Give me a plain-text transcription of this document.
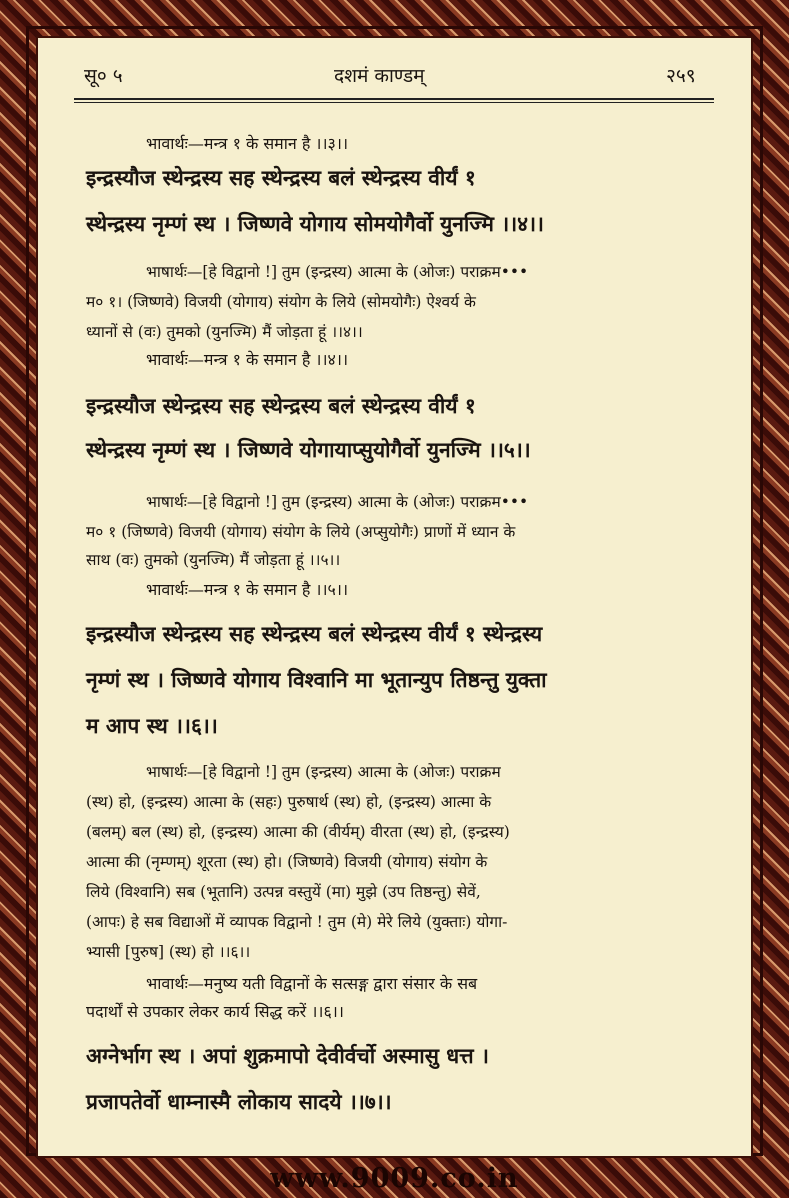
सू० ५	दशमं काण्डम्	२५९
भावार्थः—मन्त्र १ के समान है ।।३।।
इन्द्रस्यौज स्थेन्द्रस्य सह स्थेन्द्रस्य बलं स्थेन्द्रस्य वीर्यं १
स्थेन्द्रस्य नृम्णं स्थ । जिष्णवे योगाय सोमयोगैर्वो युनज्मि ।।४।।
भाषार्थः—[हे विद्वानो !] तुम (इन्द्रस्य) आत्मा के (ओजः) पराक्रम•••
म० १। (जिष्णवे) विजयी (योगाय) संयोग के लिये (सोमयोगैः) ऐश्वर्य के
ध्यानों से (वः) तुमको (युनज्मि) मैं जोड़ता हूं ।।४।।
भावार्थः—मन्त्र १ के समान है ।।४।।
इन्द्रस्यौज स्थेन्द्रस्य सह स्थेन्द्रस्य बलं स्थेन्द्रस्य वीर्यं १
स्थेन्द्रस्य नृम्णं स्थ । जिष्णवे योगायाप्सुयोगैर्वो युनज्मि ।।५।।
भाषार्थः—[हे विद्वानो !] तुम (इन्द्रस्य) आत्मा के (ओजः) पराक्रम•••
म० १ (जिष्णवे) विजयी (योगाय) संयोग के लिये (अप्सुयोगैः) प्राणों में ध्यान के
साथ (वः) तुमको (युनज्मि) मैं जोड़ता हूं ।।५।।
भावार्थः—मन्त्र १ के समान है ।।५।।
इन्द्रस्यौज स्थेन्द्रस्य सह स्थेन्द्रस्य बलं स्थेन्द्रस्य वीर्यं १ स्थेन्द्रस्य
नृम्णं स्थ । जिष्णवे योगाय विश्वानि मा भूतान्युप तिष्ठन्तु युक्ता
म आप स्थ ।।६।।
भाषार्थः—[हे विद्वानो !] तुम (इन्द्रस्य) आत्मा के (ओजः) पराक्रम
(स्थ) हो, (इन्द्रस्य) आत्मा के (सहः) पुरुषार्थ (स्थ) हो, (इन्द्रस्य) आत्मा के
(बलम्) बल (स्थ) हो, (इन्द्रस्य) आत्मा की (वीर्यम्) वीरता (स्थ) हो, (इन्द्रस्य)
आत्मा की (नृम्णम्) शूरता (स्थ) हो। (जिष्णवे) विजयी (योगाय) संयोग के
लिये (विश्वानि) सब (भूतानि) उत्पन्न वस्तुयें (मा) मुझे (उप तिष्ठन्तु) सेवें,
(आपः) हे सब विद्याओं में व्यापक विद्वानो ! तुम (मे) मेरे लिये (युक्ताः) योगा-
भ्यासी [पुरुष] (स्थ) हो ।।६।।
भावार्थः—मनुष्य यती विद्वानों के सत्सङ्ग द्वारा संसार के सब
पदार्थों से उपकार लेकर कार्य सिद्ध करें ।।६।।
अग्नेर्भाग स्थ । अपां शुक्रमापो देवीर्वर्चो अस्मासु धत्त ।
प्रजापतेर्वो धाम्नास्मै लोकाय सादये ।।७।।
www.9009.co.in
